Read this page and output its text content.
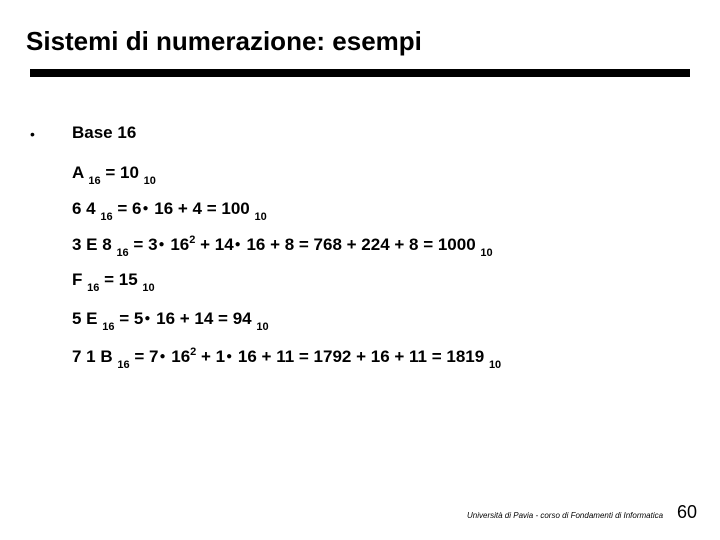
Sistemi di numerazione: esempi
• Base 16
A $_{16}$ = 10 $_{10}$
6 4 $_{16}$ = 6● 16 + 4 = 100 $_{10}$
3 E 8 $_{16}$ = 3● $16^2$ + 14● 16 + 8 = 768 + 224 + 8 = 1000 $_{10}$
F $_{16}$ = 15 $_{10}$
5 E $_{16}$ = 5● 16 + 14 = 94 $_{10}$
7 1 B $_{16}$ = 7● $16^2$ + 1● 16 + 11 = 1792 + 16 + 11 = 1819 $_{10}$
Università di Pavia - corso di Fondamenti di Informatica 60
